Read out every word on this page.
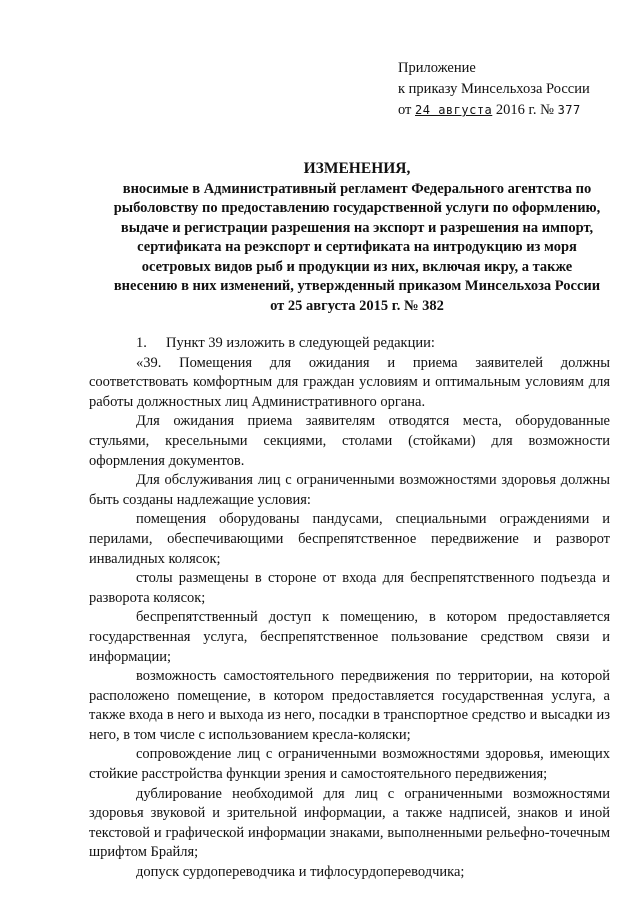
Приложение
к приказу Минсельхоза России
от 24 августа 2016 г. № 377
ИЗМЕНЕНИЯ,
вносимые в Административный регламент Федерального агентства по
рыболовству по предоставлению государственной услуги по оформлению,
выдаче и регистрации разрешения на экспорт и разрешения на импорт,
сертификата на реэкспорт и сертификата на интродукцию из моря
осетровых видов рыб и продукции из них, включая икру, а также
внесению в них изменений, утвержденный приказом Минсельхоза России
от 25 августа 2015 г. № 382

1. Пункт 39 изложить в следующей редакции:

«39. Помещения для ожидания и приема заявителей должны соответствовать комфортным для граждан условиям и оптимальным условиям для работы должностных лиц Административного органа.

Для ожидания приема заявителям отводятся места, оборудованные стульями, кресельными секциями, столами (стойками) для возможности оформления документов.

Для обслуживания лиц с ограниченными возможностями здоровья должны быть созданы надлежащие условия:

помещения оборудованы пандусами, специальными ограждениями и перилами, обеспечивающими беспрепятственное передвижение и разворот инвалидных колясок;

столы размещены в стороне от входа для беспрепятственного подъезда и разворота колясок;

беспрепятственный доступ к помещению, в котором предоставляется государственная услуга, беспрепятственное пользование средством связи и информации;

возможность самостоятельного передвижения по территории, на которой расположено помещение, в котором предоставляется государственная услуга, а также входа в него и выхода из него, посадки в транспортное средство и высадки из него, в том числе с использованием кресла-коляски;

сопровождение лиц с ограниченными возможностями здоровья, имеющих стойкие расстройства функции зрения и самостоятельного передвижения;

дублирование необходимой для лиц с ограниченными возможностями здоровья звуковой и зрительной информации, а также надписей, знаков и иной текстовой и графической информации знаками, выполненными рельефно-точечным шрифтом Брайля;

допуск сурдопереводчика и тифлосурдопереводчика;
